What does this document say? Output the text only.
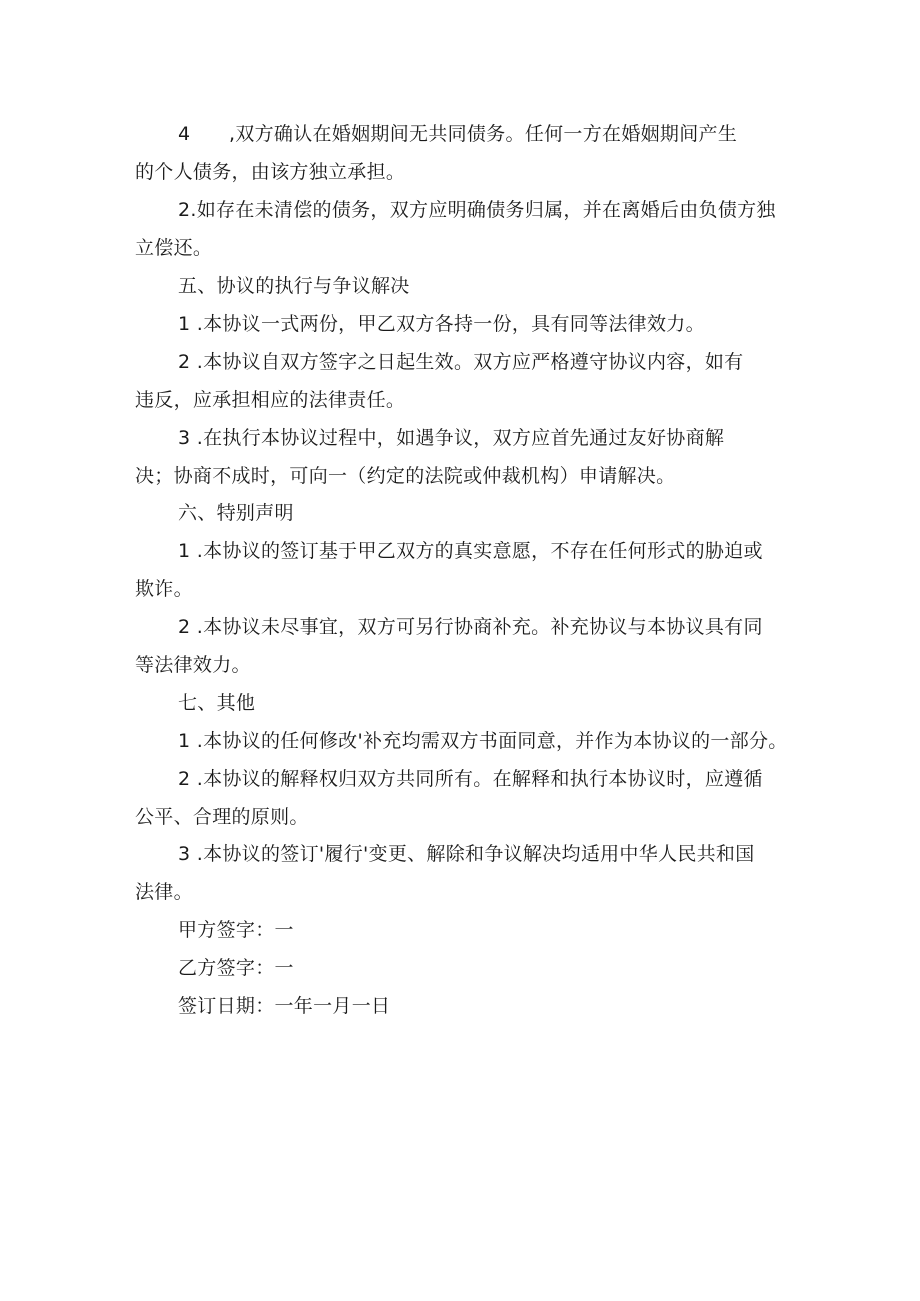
4　　,双方确认在婚姻期间无共同债务。任何一方在婚姻期间产生
的个人债务，由该方独立承担。
2.如存在未清偿的债务，双方应明确债务归属，并在离婚后由负债方独
立偿还。
五、协议的执行与争议解决
1 .本协议一式两份，甲乙双方各持一份，具有同等法律效力。
2 .本协议自双方签字之日起生效。双方应严格遵守协议内容，如有
违反，应承担相应的法律责任。
3 .在执行本协议过程中，如遇争议，双方应首先通过友好协商解
决；协商不成时，可向一（约定的法院或仲裁机构）申请解决。
六、特别声明
1 .本协议的签订基于甲乙双方的真实意愿，不存在任何形式的胁迫或
欺诈。
2 .本协议未尽事宜，双方可另行协商补充。补充协议与本协议具有同
等法律效力。
七、其他
1 .本协议的任何修改'补充均需双方书面同意，并作为本协议的一部分。
2 .本协议的解释权归双方共同所有。在解释和执行本协议时，应遵循
公平、合理的原则。
3 .本协议的签订'履行'变更、解除和争议解决均适用中华人民共和国
法律。
甲方签字：一
乙方签字：一
签订日期：一年一月一日
